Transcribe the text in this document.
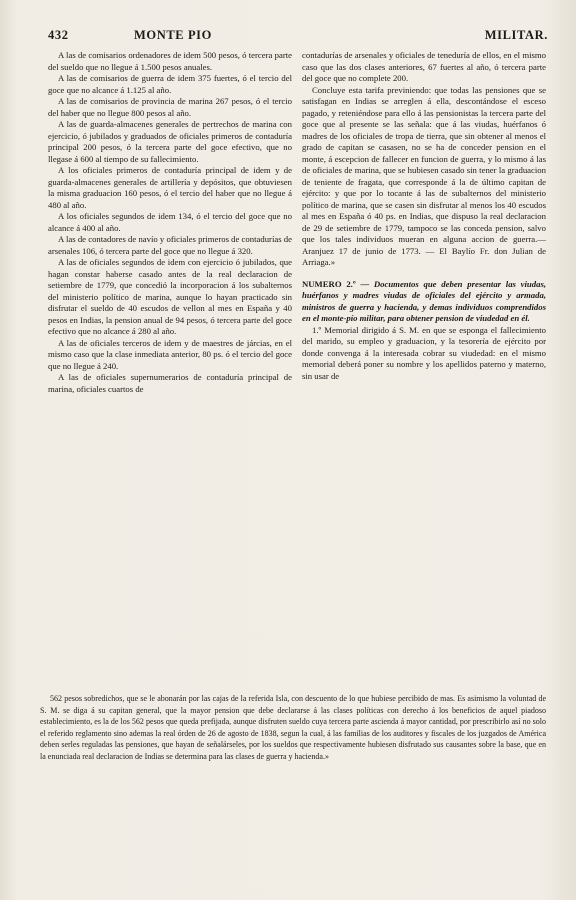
432	MONTE PIO	MILITAR.

A las de comisarios ordenadores de idem 500 pesos, ó tercera parte del sueldo que no llegue á 1.500 pesos anuales.

A las de comisarios de guerra de idem 375 fuertes, ó el tercio del goce que no alcance á 1.125 al año.

A las de comisarios de provincia de marina 267 pesos, ó el tercio del haber que no llegue 800 pesos al año.

A las de guarda-almacenes generales de pertrechos de marina con ejercicio, ó jubilados y graduados de oficiales primeros de contaduría principal 200 pesos, ó la tercera parte del goce efectivo, que no llegase á 600 al tiempo de su fallecimiento.

A los oficiales primeros de contaduría principal de idem y de guarda-almacenes generales de artillería y depósitos, que obtuviesen la misma graduacion 160 pesos, ó el tercio del haber que no llegue á 480 al año.

A los oficiales segundos de idem 134, ó el tercio del goce que no alcance á 400 al año.

A las de contadores de navío y oficiales primeros de contadurías de arsenales 106, ó tercera parte del goce que no llegue á 320.

A las de oficiales segundos de idem con ejercicio ó jubilados, que hagan constar haberse casado antes de la real declaracion de setiembre de 1779, que concedió la incorporacion á los subalternos del ministerio político de marina, aunque lo hayan practicado sin disfrutar el sueldo de 40 escudos de vellon al mes en España y 40 pesos en Indias, la pension anual de 94 pesos, ó tercera parte del goce efectivo que no alcance á 280 al año.

A las de oficiales terceros de idem y de maestres de járcias, en el mismo caso que la clase inmediata anterior, 80 ps. ó el tercio del goce que no llegue á 240.

A las de oficiales supernumerarios de contaduría principal de marina, oficiales cuartos de

contadurías de arsenales y oficiales de teneduría de ellos, en el mismo caso que las dos clases anteriores, 67 fuertes al año, ó tercera parte del goce que no complete 200.

Concluye esta tarifa previniendo: que todas las pensiones que se satisfagan en Indias se arreglen á ella, descontándose el esceso pagado, y reteniéndose para ello á las pensionistas la tercera parte del goce que al presente se las señala: que á las viudas, huérfanos ó madres de los oficiales de tropa de tierra, que sin obtener al menos el grado de capitan se casasen, no se ha de conceder pension en el monte, á escepcion de fallecer en funcion de guerra, y lo mismo á las de oficiales de marina, que se hubiesen casado sin tener la graduacion de teniente de fragata, que corresponde á la de último capitan de ejército: y que por lo tocante á las de subalternos del ministerio político de marina, que se casen sin disfrutar al menos los 40 escudos al mes en España ó 40 ps. en Indias, que dispuso la real declaracion de 29 de setiembre de 1779, tampoco se las conceda pension, salvo que los tales individuos mueran en alguna accion de guerra.— Aranjuez 17 de junio de 1773. — El Baylío Fr. don Julian de Arriaga.»

NUMERO 2.º — Documentos que deben presentar las viudas, huérfanos y madres viudas de oficiales del ejército y armada, ministros de guerra y hacienda, y demas individuos comprendidos en el monte-pío militar, para obtener pension de viudedad en él.

1.º Memorial dirigido á S. M. en que se esponga el fallecimiento del marido, su empleo y graduacion, y la tesorería de ejército por donde convenga á la interesada cobrar su viudedad: en el mismo memorial deberá poner su nombre y los apellidos paterno y materno, sin usar de

562 pesos sobredichos, que se le abonarán por las cajas de la referida Isla, con descuento de lo que hubiese percibido de mas. Es asimismo la voluntad de S. M. se diga á su capitan general, que la mayor pension que debe declararse á las clases políticas con derecho á los beneficios de aquel piadoso establecimiento, es la de los 562 pesos que queda prefijada, aunque disfruten sueldo cuya tercera parte ascienda á mayor cantidad, por prescribirlo así no solo el referido reglamento sino ademas la real órden de 26 de agosto de 1838, segun la cual, á las familias de los auditores y fiscales de los juzgados de América deben serles reguladas las pensiones, que hayan de señalárseles, por los sueldos que respectivamente hubiesen disfrutado sus causantes sobre la base, que en la enunciada real declaracion de Indias se determina para las clases de guerra y hacienda.»
